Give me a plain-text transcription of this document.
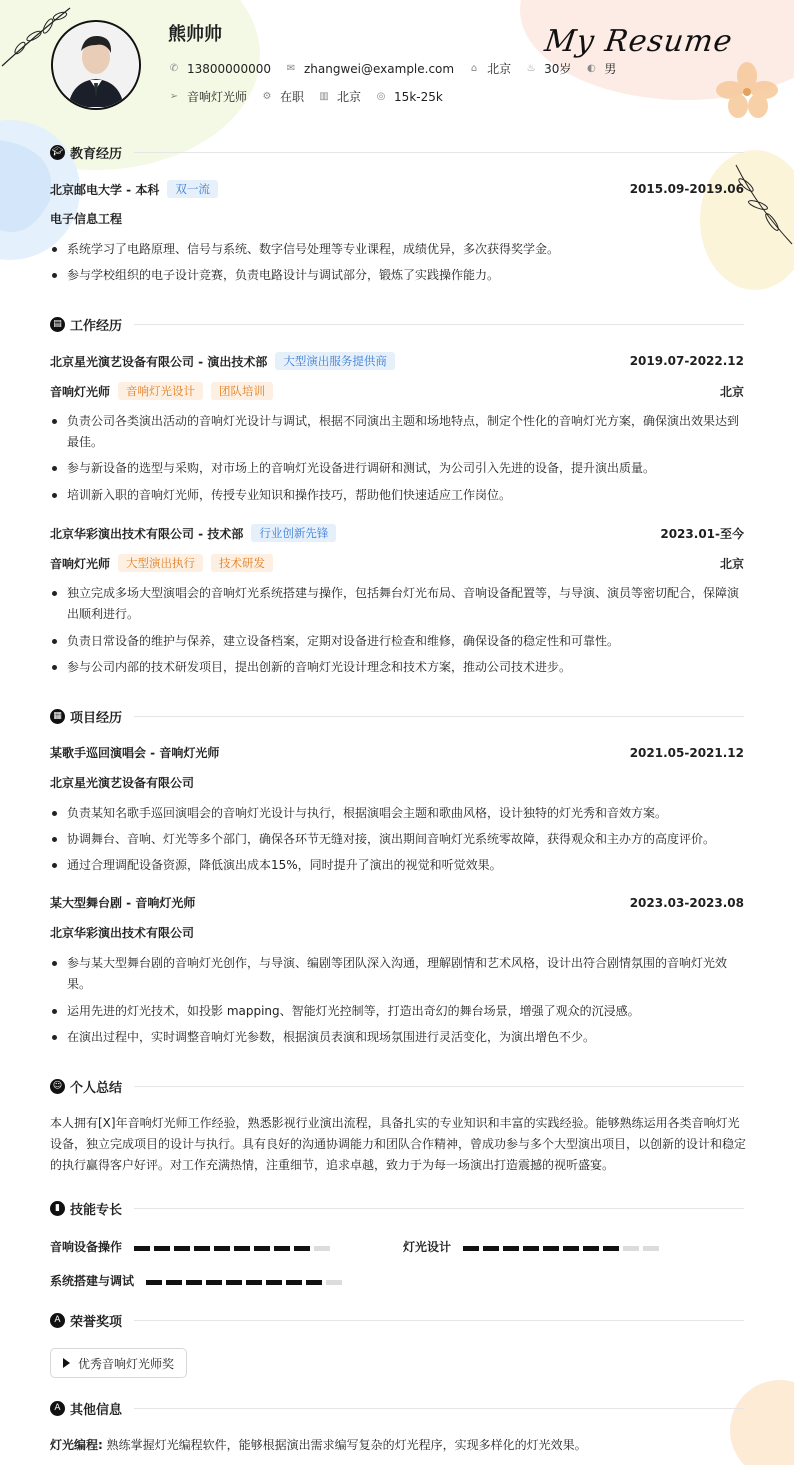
熊帅帅	My Resume
✆ 13800000000 ✉ zhangwei@example.com ⌂ 北京 ♨ 30岁 ◐ 男
➢ 音响灯光师 ⚙ 在职 ▥ 北京 ◎ 15k-25k
🎓︎ 教育经历
北京邮电大学 - 本科	双一流	2015.09-2019.06
电子信息工程
系统学习了电路原理、信号与系统、数字信号处理等专业课程，成绩优异，多次获得奖学金。
参与学校组织的电子设计竞赛，负责电路设计与调试部分，锻炼了实践操作能力。
▤ 工作经历
北京星光演艺设备有限公司 - 演出技术部	大型演出服务提供商	2019.07-2022.12
音响灯光师	音响灯光设计	团队培训	北京
负责公司各类演出活动的音响灯光设计与调试，根据不同演出主题和场地特点，制定个性化的音响灯光方案，确保演出效果达到最佳。
参与新设备的选型与采购，对市场上的音响灯光设备进行调研和测试，为公司引入先进的设备，提升演出质量。
培训新入职的音响灯光师，传授专业知识和操作技巧，帮助他们快速适应工作岗位。
北京华彩演出技术有限公司 - 技术部	行业创新先锋	2023.01-至今
音响灯光师	大型演出执行	技术研发	北京
独立完成多场大型演唱会的音响灯光系统搭建与操作，包括舞台灯光布局、音响设备配置等，与导演、演员等密切配合，保障演出顺利进行。
负责日常设备的维护与保养，建立设备档案，定期对设备进行检查和维修，确保设备的稳定性和可靠性。
参与公司内部的技术研发项目，提出创新的音响灯光设计理念和技术方案，推动公司技术进步。
▦ 项目经历
某歌手巡回演唱会 - 音响灯光师	2021.05-2021.12
北京星光演艺设备有限公司
负责某知名歌手巡回演唱会的音响灯光设计与执行，根据演唱会主题和歌曲风格，设计独特的灯光秀和音效方案。
协调舞台、音响、灯光等多个部门，确保各环节无缝对接，演出期间音响灯光系统零故障，获得观众和主办方的高度评价。
通过合理调配设备资源，降低演出成本15%，同时提升了演出的视觉和听觉效果。
某大型舞台剧 - 音响灯光师	2023.03-2023.08
北京华彩演出技术有限公司
参与某大型舞台剧的音响灯光创作，与导演、编剧等团队深入沟通，理解剧情和艺术风格，设计出符合剧情氛围的音响灯光效果。
运用先进的灯光技术，如投影 mapping、智能灯光控制等，打造出奇幻的舞台场景，增强了观众的沉浸感。
在演出过程中，实时调整音响灯光参数，根据演员表演和现场氛围进行灵活变化，为演出增色不少。
☺ 个人总结
本人拥有[X]年音响灯光师工作经验，熟悉影视行业演出流程，具备扎实的专业知识和丰富的实践经验。能够熟练运用各类音响灯光设备，独立完成项目的设计与执行。具有良好的沟通协调能力和团队合作精神，曾成功参与多个大型演出项目，以创新的设计和稳定的执行赢得客户好评。对工作充满热情，注重细节，追求卓越，致力于为每一场演出打造震撼的视听盛宴。
▮ 技能专长
音响设备操作	灯光设计
系统搭建与调试
A 荣誉奖项
优秀音响灯光师奖
A 其他信息
灯光编程: 熟练掌握灯光编程软件，能够根据演出需求编写复杂的灯光程序，实现多样化的灯光效果。
